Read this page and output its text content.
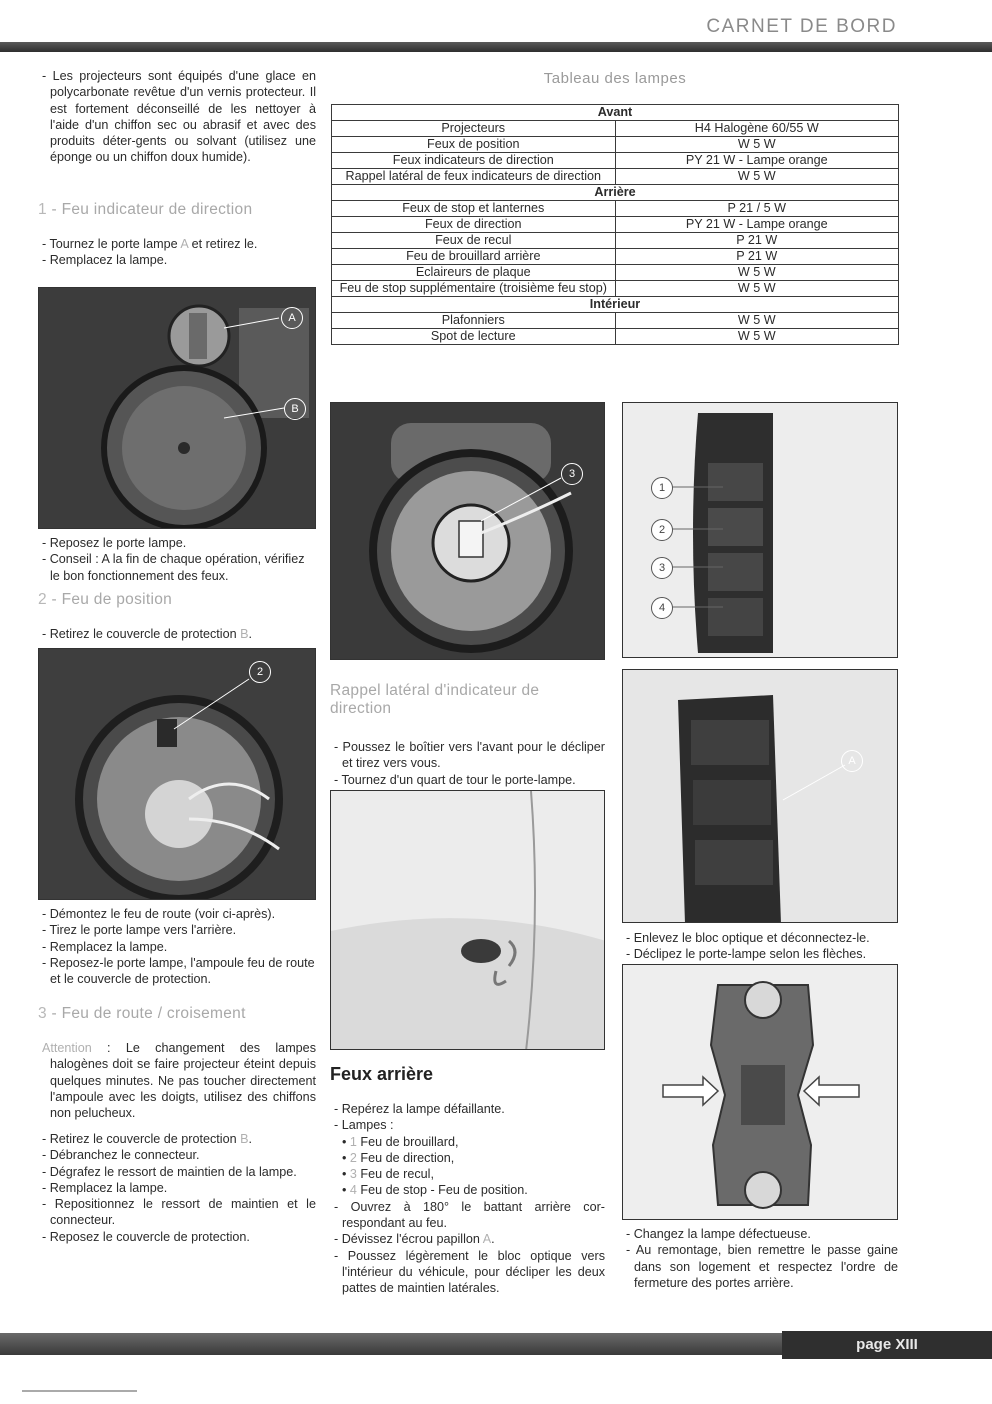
CARNET DE BORD
page XIII

- Les projecteurs sont équipés d'une glace en polycarbonate revêtue d'un vernis protecteur. Il est fortement déconseillé de les nettoyer à l'aide d'un chiffon sec ou abrasif et avec des produits déter-gents ou solvant (utilisez une éponge ou un chiffon doux humide).

1 - Feu indicateur de direction

- Tournez le porte lampe A et retirez le.

- Remplacez la lampe.

A
B

- Reposez le porte lampe.

- Conseil : A la fin de chaque opération, vérifiez le bon fonctionnement des feux.

2 - Feu de position

- Retirez le couvercle de protection B.

2

- Démontez le feu de route (voir ci-après).

- Tirez le porte lampe vers l'arrière.

- Remplacez la lampe.

- Reposez-le porte lampe, l'ampoule feu de route et le couvercle de protection.

3 - Feu de route / croisement

Attention : Le changement des lampes halogènes doit se faire projecteur éteint depuis quelques minutes. Ne pas toucher directement l'ampoule avec les doigts, utilisez des chiffons non pelucheux.

- Retirez le couvercle de protection B.

- Débranchez le connecteur.

- Dégrafez le ressort de maintien de la lampe.

- Remplacez la lampe.

- Repositionnez le ressort de maintien et le connecteur.

- Reposez le couvercle de protection.

Tableau des lampes
Avant	
Projecteurs	H4 Halogène 60/55 W
Feux de position	W 5 W
Feux indicateurs de direction	PY 21 W - Lampe orange
Rappel latéral de feux indicateurs de direction	W 5 W
Arrière	
Feux de stop et lanternes	P 21 / 5 W
Feux de direction	PY 21 W - Lampe orange
Feux de recul	P 21 W
Feu de brouillard arrière	P 21 W
Eclaireurs de plaque	W 5 W
Feu de stop supplémentaire (troisième feu stop)	W 5 W
Intérieur	
Plafonniers	W 5 W
Spot de lecture	W 5 W
3
Rappel latéral d'indicateur de direction

- Poussez le boîtier vers l'avant pour le décliper et tirez vers vous.

- Tournez d'un quart de tour le porte-lampe.

Feux arrière

- Repérez la lampe défaillante.

- Lampes :

• 1 Feu de brouillard,

• 2 Feu de direction,

• 3 Feu de recul,

• 4 Feu de stop - Feu de position.

- Ouvrez à 180° le battant arrière cor-respondant au feu.

- Dévissez l'écrou papillon A.

- Poussez légèrement le bloc optique vers l'intérieur du véhicule, pour décliper les deux pattes de maintien latérales.

1
2
3
4
A

- Enlevez le bloc optique et déconnectez-le.

- Déclipez le porte-lampe selon les flèches.

- Changez la lampe défectueuse.

- Au remontage, bien remettre le passe gaine dans son logement et respectez l'ordre de fermeture des portes arrière.
